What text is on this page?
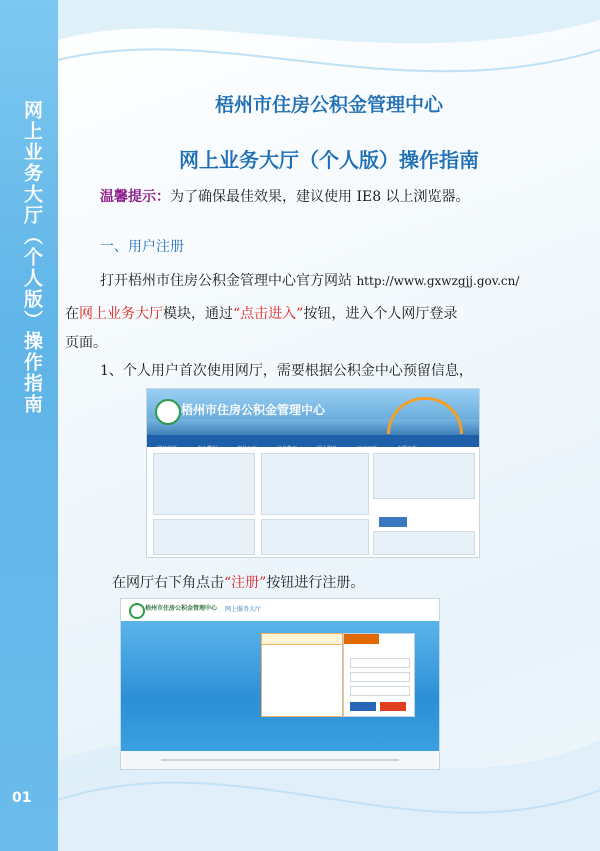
网上业务大厅（个人版）操作指南
01
梧州市住房公积金管理中心
网上业务大厅（个人版）操作指南
温馨提示：为了确保最佳效果，建议使用 IE8 以上浏览器。
一、用户注册
打开梧州市住房公积金管理中心官方网站 http://www.gxwzgjj.gov.cn/
在网上业务大厅模块，通过“点击进入”按钮，进入个人网厅登录
页面。
1、个人用户首次使用网厅，需要根据公积金中心预留信息，
梧州市住房公积金管理中心
网站首页	中心概况	政务公开	业务指南	网上服务	互动交流	专题专栏
在网厅右下角点击“注册”按钮进行注册。
梧州市住房公积金管理中心 网上服务大厅
